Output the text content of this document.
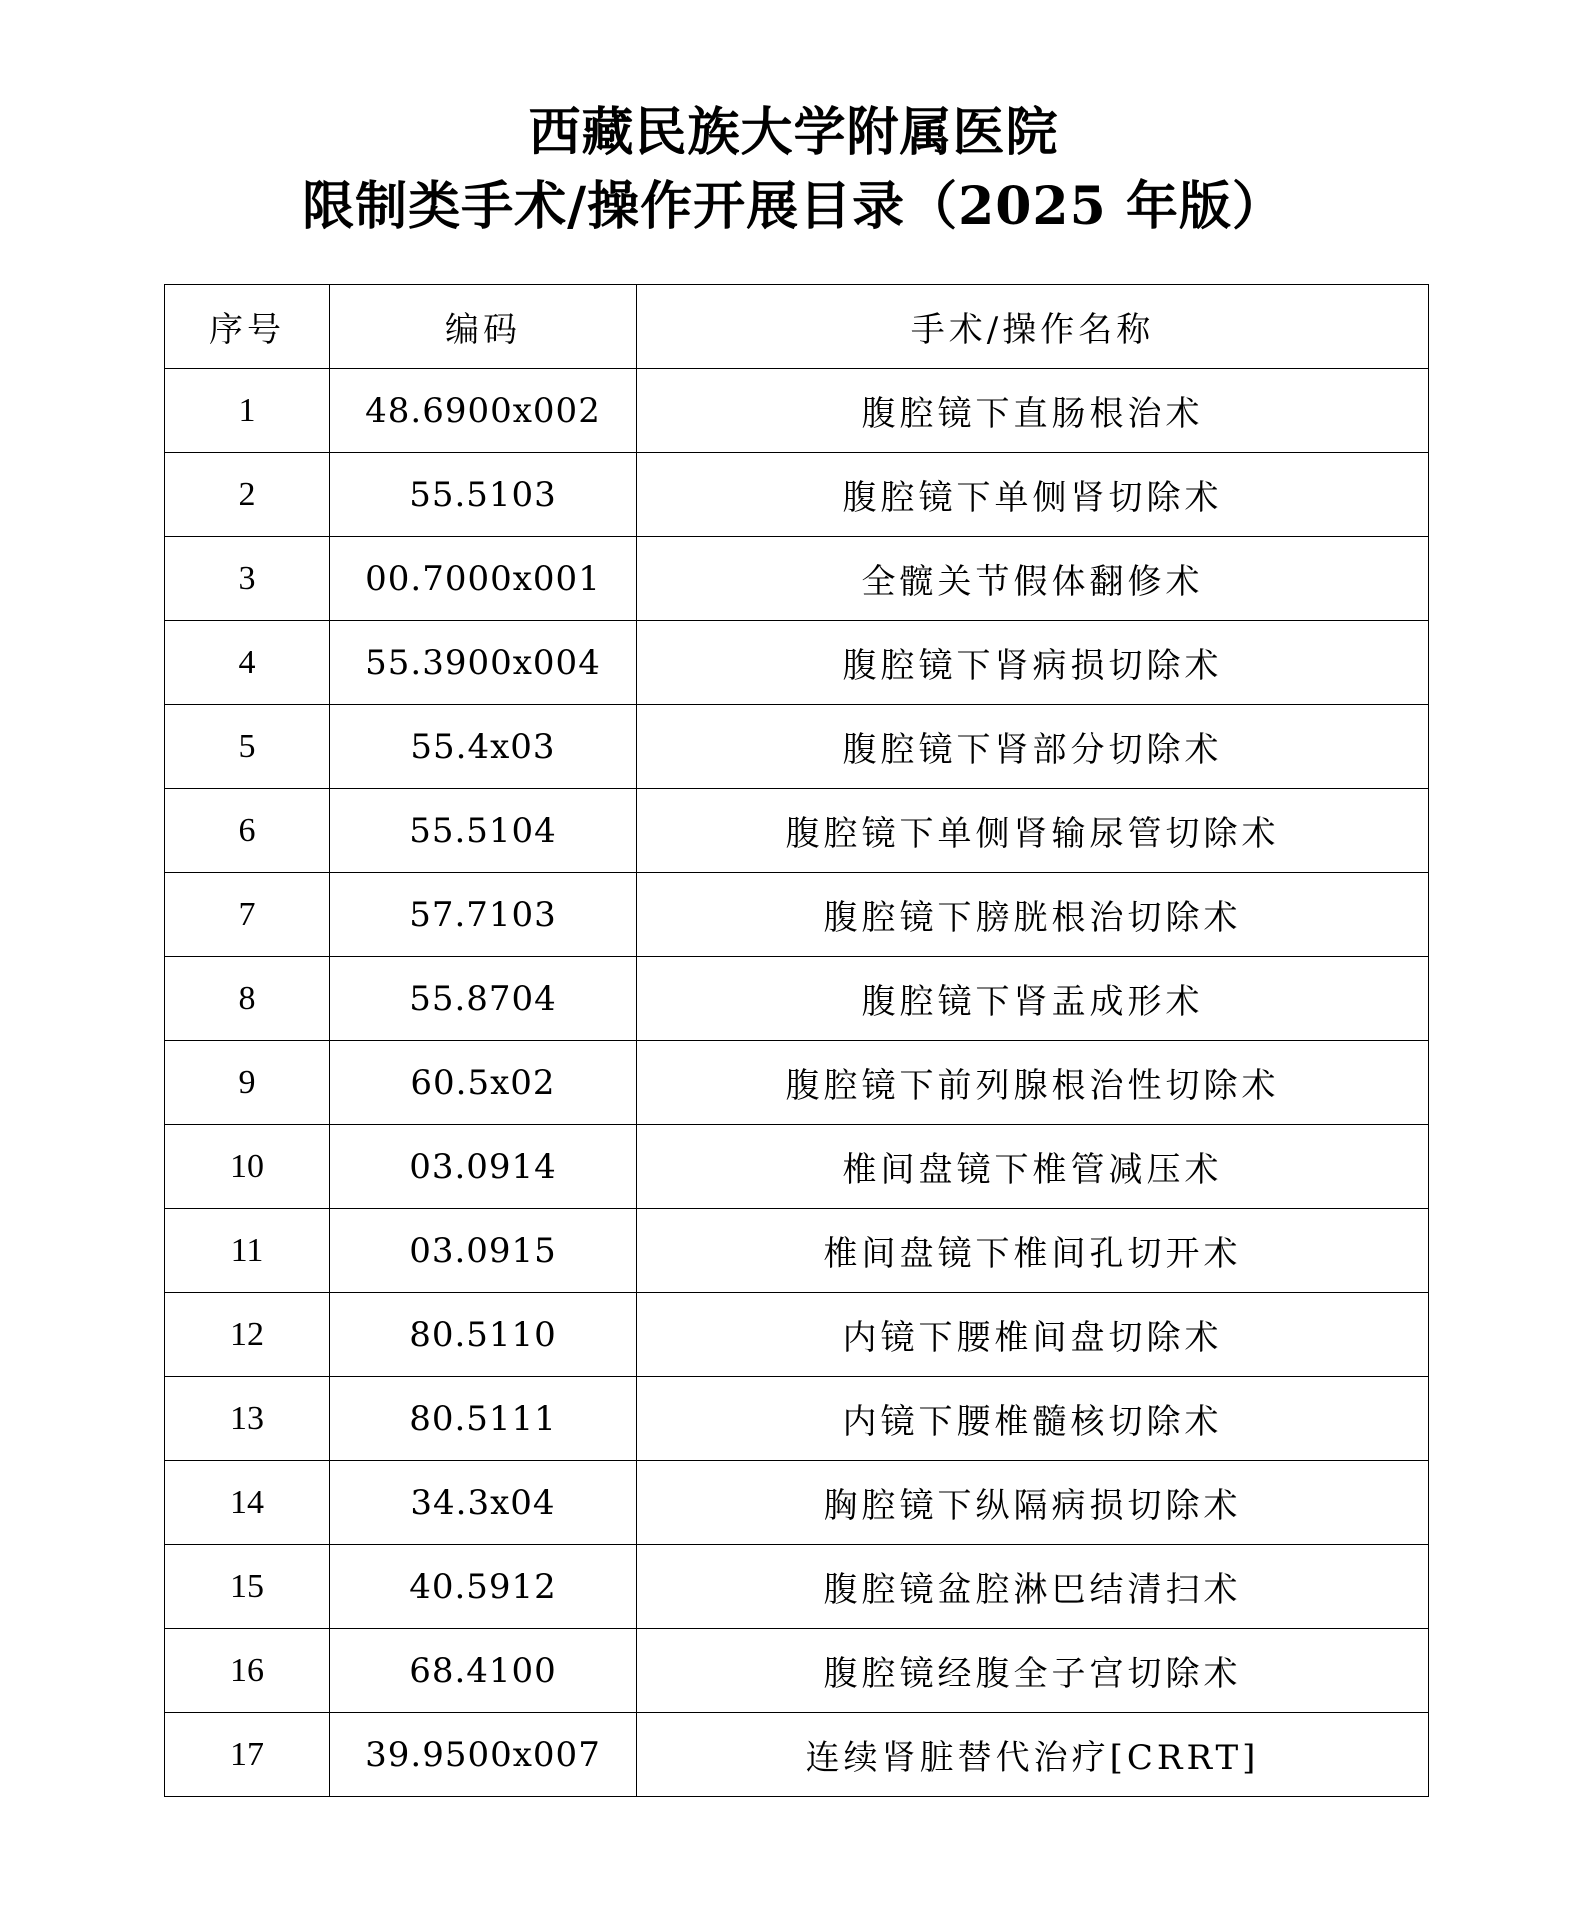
西藏民族大学附属医院
限制类手术/操作开展目录（2025 年版）
序号	编码	手术/操作名称
1	48.6900x002	腹腔镜下直肠根治术
2	55.5103	腹腔镜下单侧肾切除术
3	00.7000x001	全髋关节假体翻修术
4	55.3900x004	腹腔镜下肾病损切除术
5	55.4x03	腹腔镜下肾部分切除术
6	55.5104	腹腔镜下单侧肾输尿管切除术
7	57.7103	腹腔镜下膀胱根治切除术
8	55.8704	腹腔镜下肾盂成形术
9	60.5x02	腹腔镜下前列腺根治性切除术
10	03.0914	椎间盘镜下椎管减压术
11	03.0915	椎间盘镜下椎间孔切开术
12	80.5110	内镜下腰椎间盘切除术
13	80.5111	内镜下腰椎髓核切除术
14	34.3x04	胸腔镜下纵隔病损切除术
15	40.5912	腹腔镜盆腔淋巴结清扫术
16	68.4100	腹腔镜经腹全子宫切除术
17	39.9500x007	连续肾脏替代治疗[CRRT]
